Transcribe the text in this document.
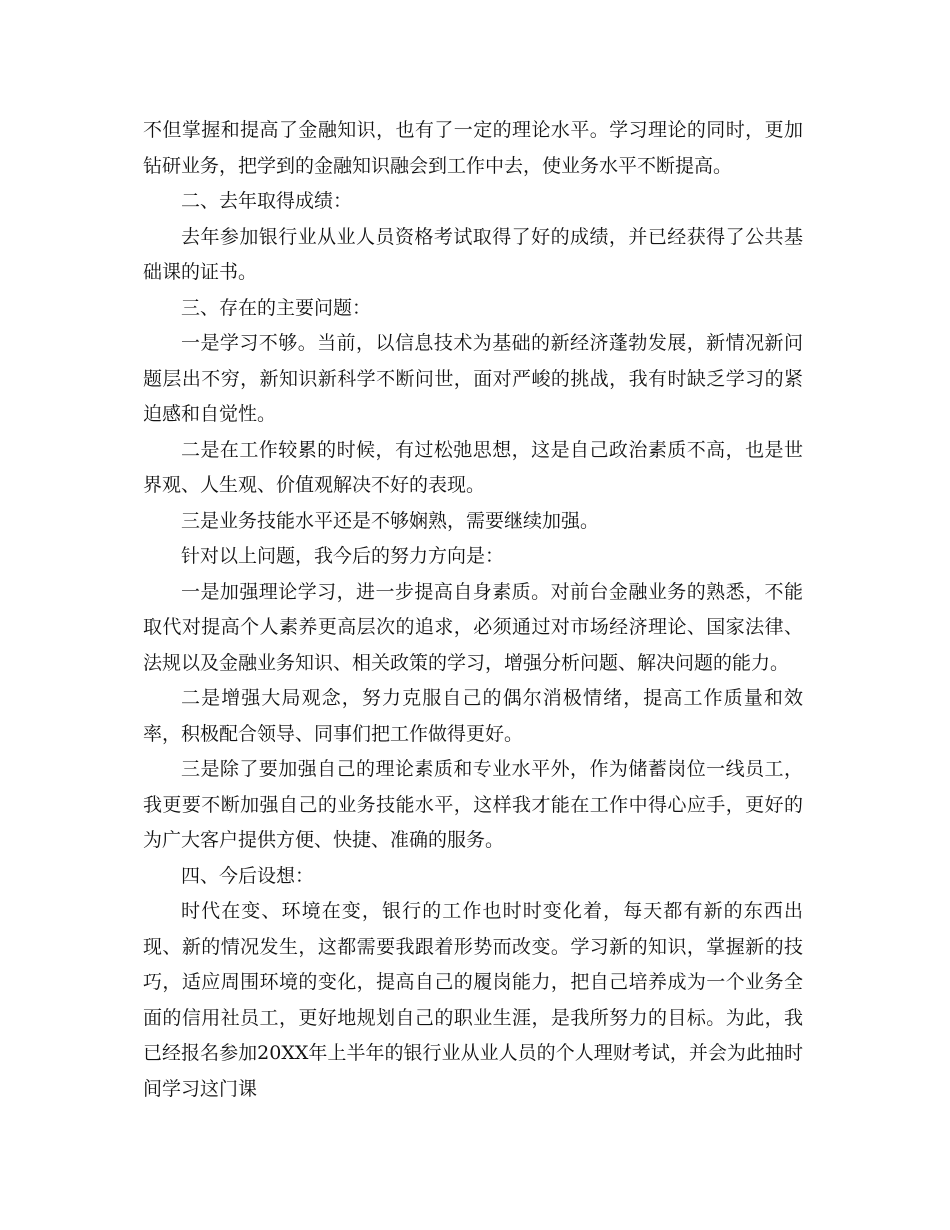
不但掌握和提高了金融知识，也有了一定的理论水平。学习理论的同时，更加钻研业务，把学到的金融知识融会到工作中去，使业务水平不断提高。

二、去年取得成绩：

去年参加银行业从业人员资格考试取得了好的成绩，并已经获得了公共基础课的证书。

三、存在的主要问题：

一是学习不够。当前，以信息技术为基础的新经济蓬勃发展，新情况新问题层出不穷，新知识新科学不断问世，面对严峻的挑战，我有时缺乏学习的紧迫感和自觉性。

二是在工作较累的时候，有过松弛思想，这是自己政治素质不高，也是世界观、人生观、价值观解决不好的表现。

三是业务技能水平还是不够娴熟，需要继续加强。

针对以上问题，我今后的努力方向是：

一是加强理论学习，进一步提高自身素质。对前台金融业务的熟悉，不能取代对提高个人素养更高层次的追求，必须通过对市场经济理论、国家法律、法规以及金融业务知识、相关政策的学习，增强分析问题、解决问题的能力。

二是增强大局观念，努力克服自己的偶尔消极情绪，提高工作质量和效率，积极配合领导、同事们把工作做得更好。

三是除了要加强自己的理论素质和专业水平外，作为储蓄岗位一线员工，我更要不断加强自己的业务技能水平，这样我才能在工作中得心应手，更好的为广大客户提供方便、快捷、准确的服务。

四、今后设想：

时代在变、环境在变，银行的工作也时时变化着，每天都有新的东西出现、新的情况发生，这都需要我跟着形势而改变。学习新的知识，掌握新的技巧，适应周围环境的变化，提高自己的履岗能力，把自己培养成为一个业务全面的信用社员工，更好地规划自己的职业生涯，是我所努力的目标。为此，我已经报名参加20XX年上半年的银行业从业人员的个人理财考试，并会为此抽时间学习这门课
